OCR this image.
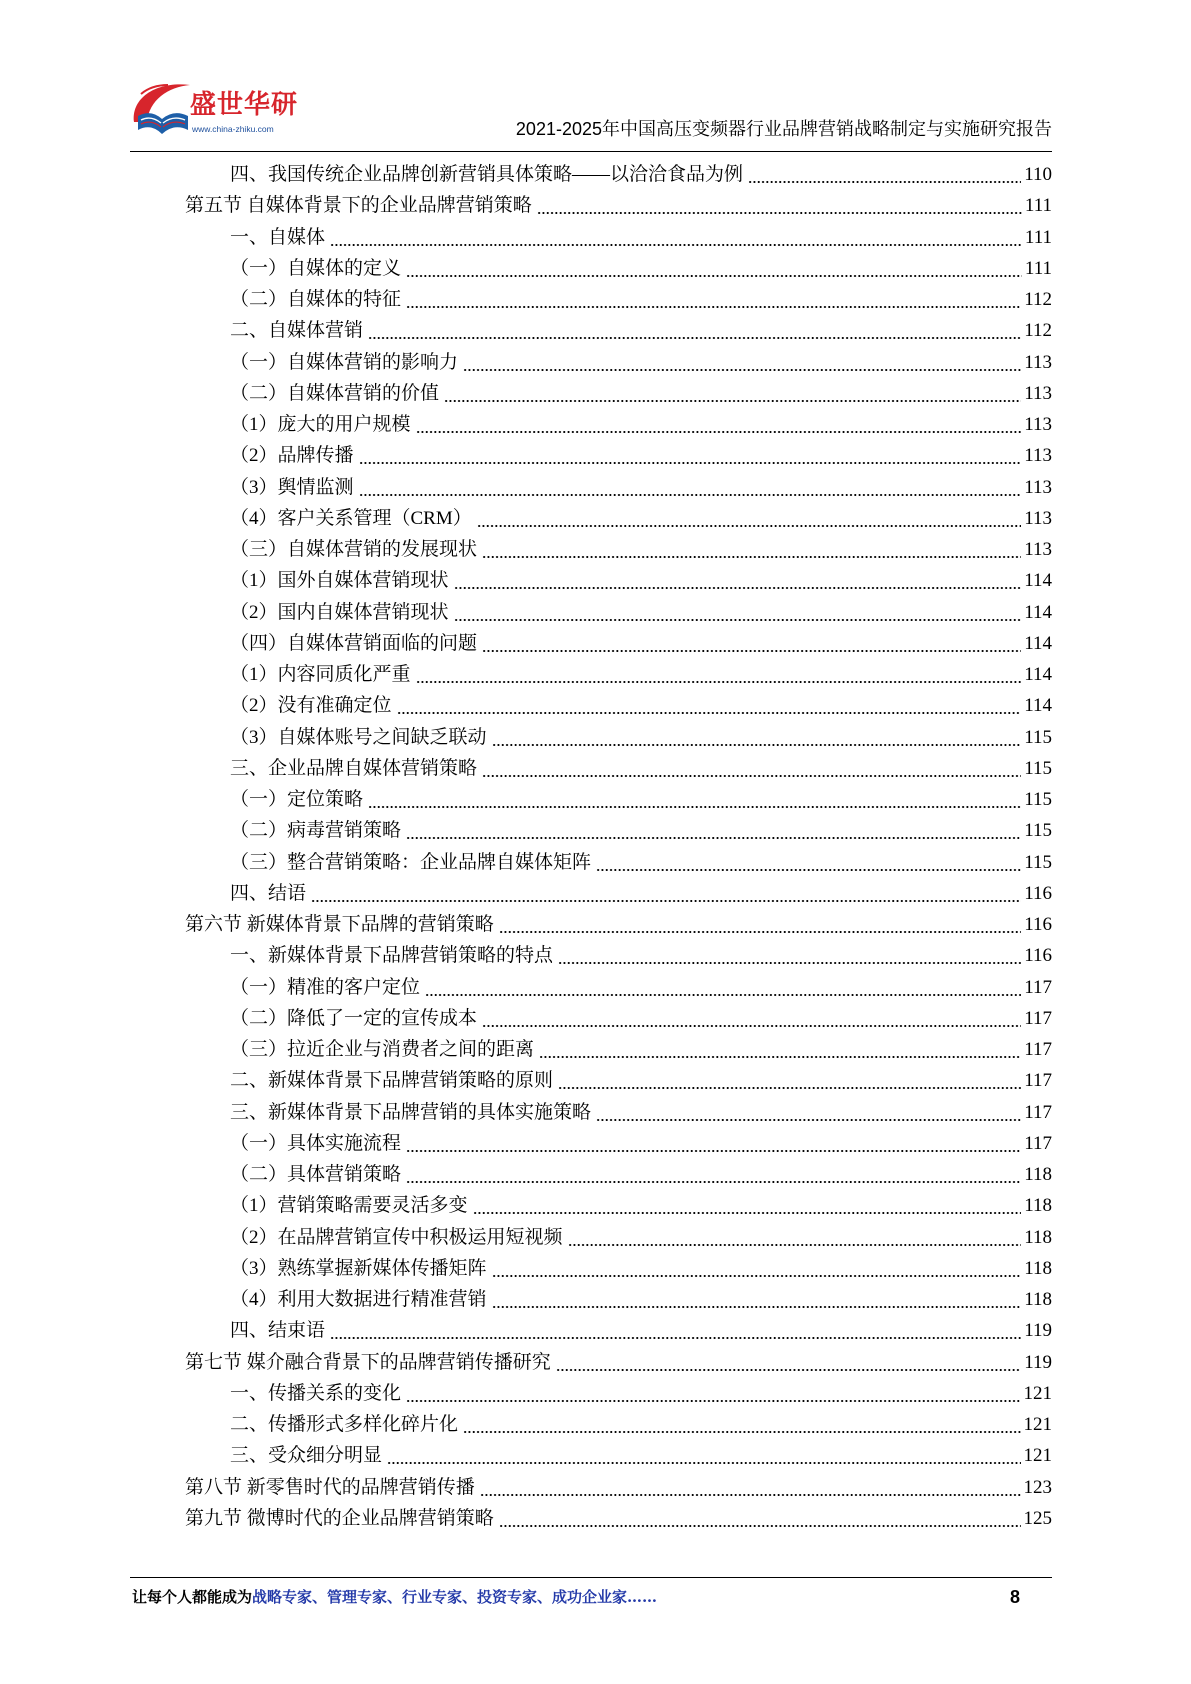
盛世华研
www.china-zhiku.com	2021-2025年中国高压变频器行业品牌营销战略制定与实施研究报告
四、我国传统企业品牌创新营销具体策略——以洽洽食品为例	110
第五节 自媒体背景下的企业品牌营销策略	111
一、自媒体	111
（一）自媒体的定义	111
（二）自媒体的特征	112
二、自媒体营销	112
（一）自媒体营销的影响力	113
（二）自媒体营销的价值	113
（1）庞大的用户规模	113
（2）品牌传播	113
（3）舆情监测	113
（4）客户关系管理（CRM）	113
（三）自媒体营销的发展现状	113
（1）国外自媒体营销现状	114
（2）国内自媒体营销现状	114
（四）自媒体营销面临的问题	114
（1）内容同质化严重	114
（2）没有准确定位	114
（3）自媒体账号之间缺乏联动	115
三、企业品牌自媒体营销策略	115
（一）定位策略	115
（二）病毒营销策略	115
（三）整合营销策略：企业品牌自媒体矩阵	115
四、结语	116
第六节 新媒体背景下品牌的营销策略	116
一、新媒体背景下品牌营销策略的特点	116
（一）精准的客户定位	117
（二）降低了一定的宣传成本	117
（三）拉近企业与消费者之间的距离	117
二、新媒体背景下品牌营销策略的原则	117
三、新媒体背景下品牌营销的具体实施策略	117
（一）具体实施流程	117
（二）具体营销策略	118
（1）营销策略需要灵活多变	118
（2）在品牌营销宣传中积极运用短视频	118
（3）熟练掌握新媒体传播矩阵	118
（4）利用大数据进行精准营销	118
四、结束语	119
第七节 媒介融合背景下的品牌营销传播研究	119
一、传播关系的变化	121
二、传播形式多样化碎片化	121
三、受众细分明显	121
第八节 新零售时代的品牌营销传播	123
第九节 微博时代的企业品牌营销策略	125
让每个人都能成为战略专家、管理专家、行业专家、投资专家、成功企业家……	8
